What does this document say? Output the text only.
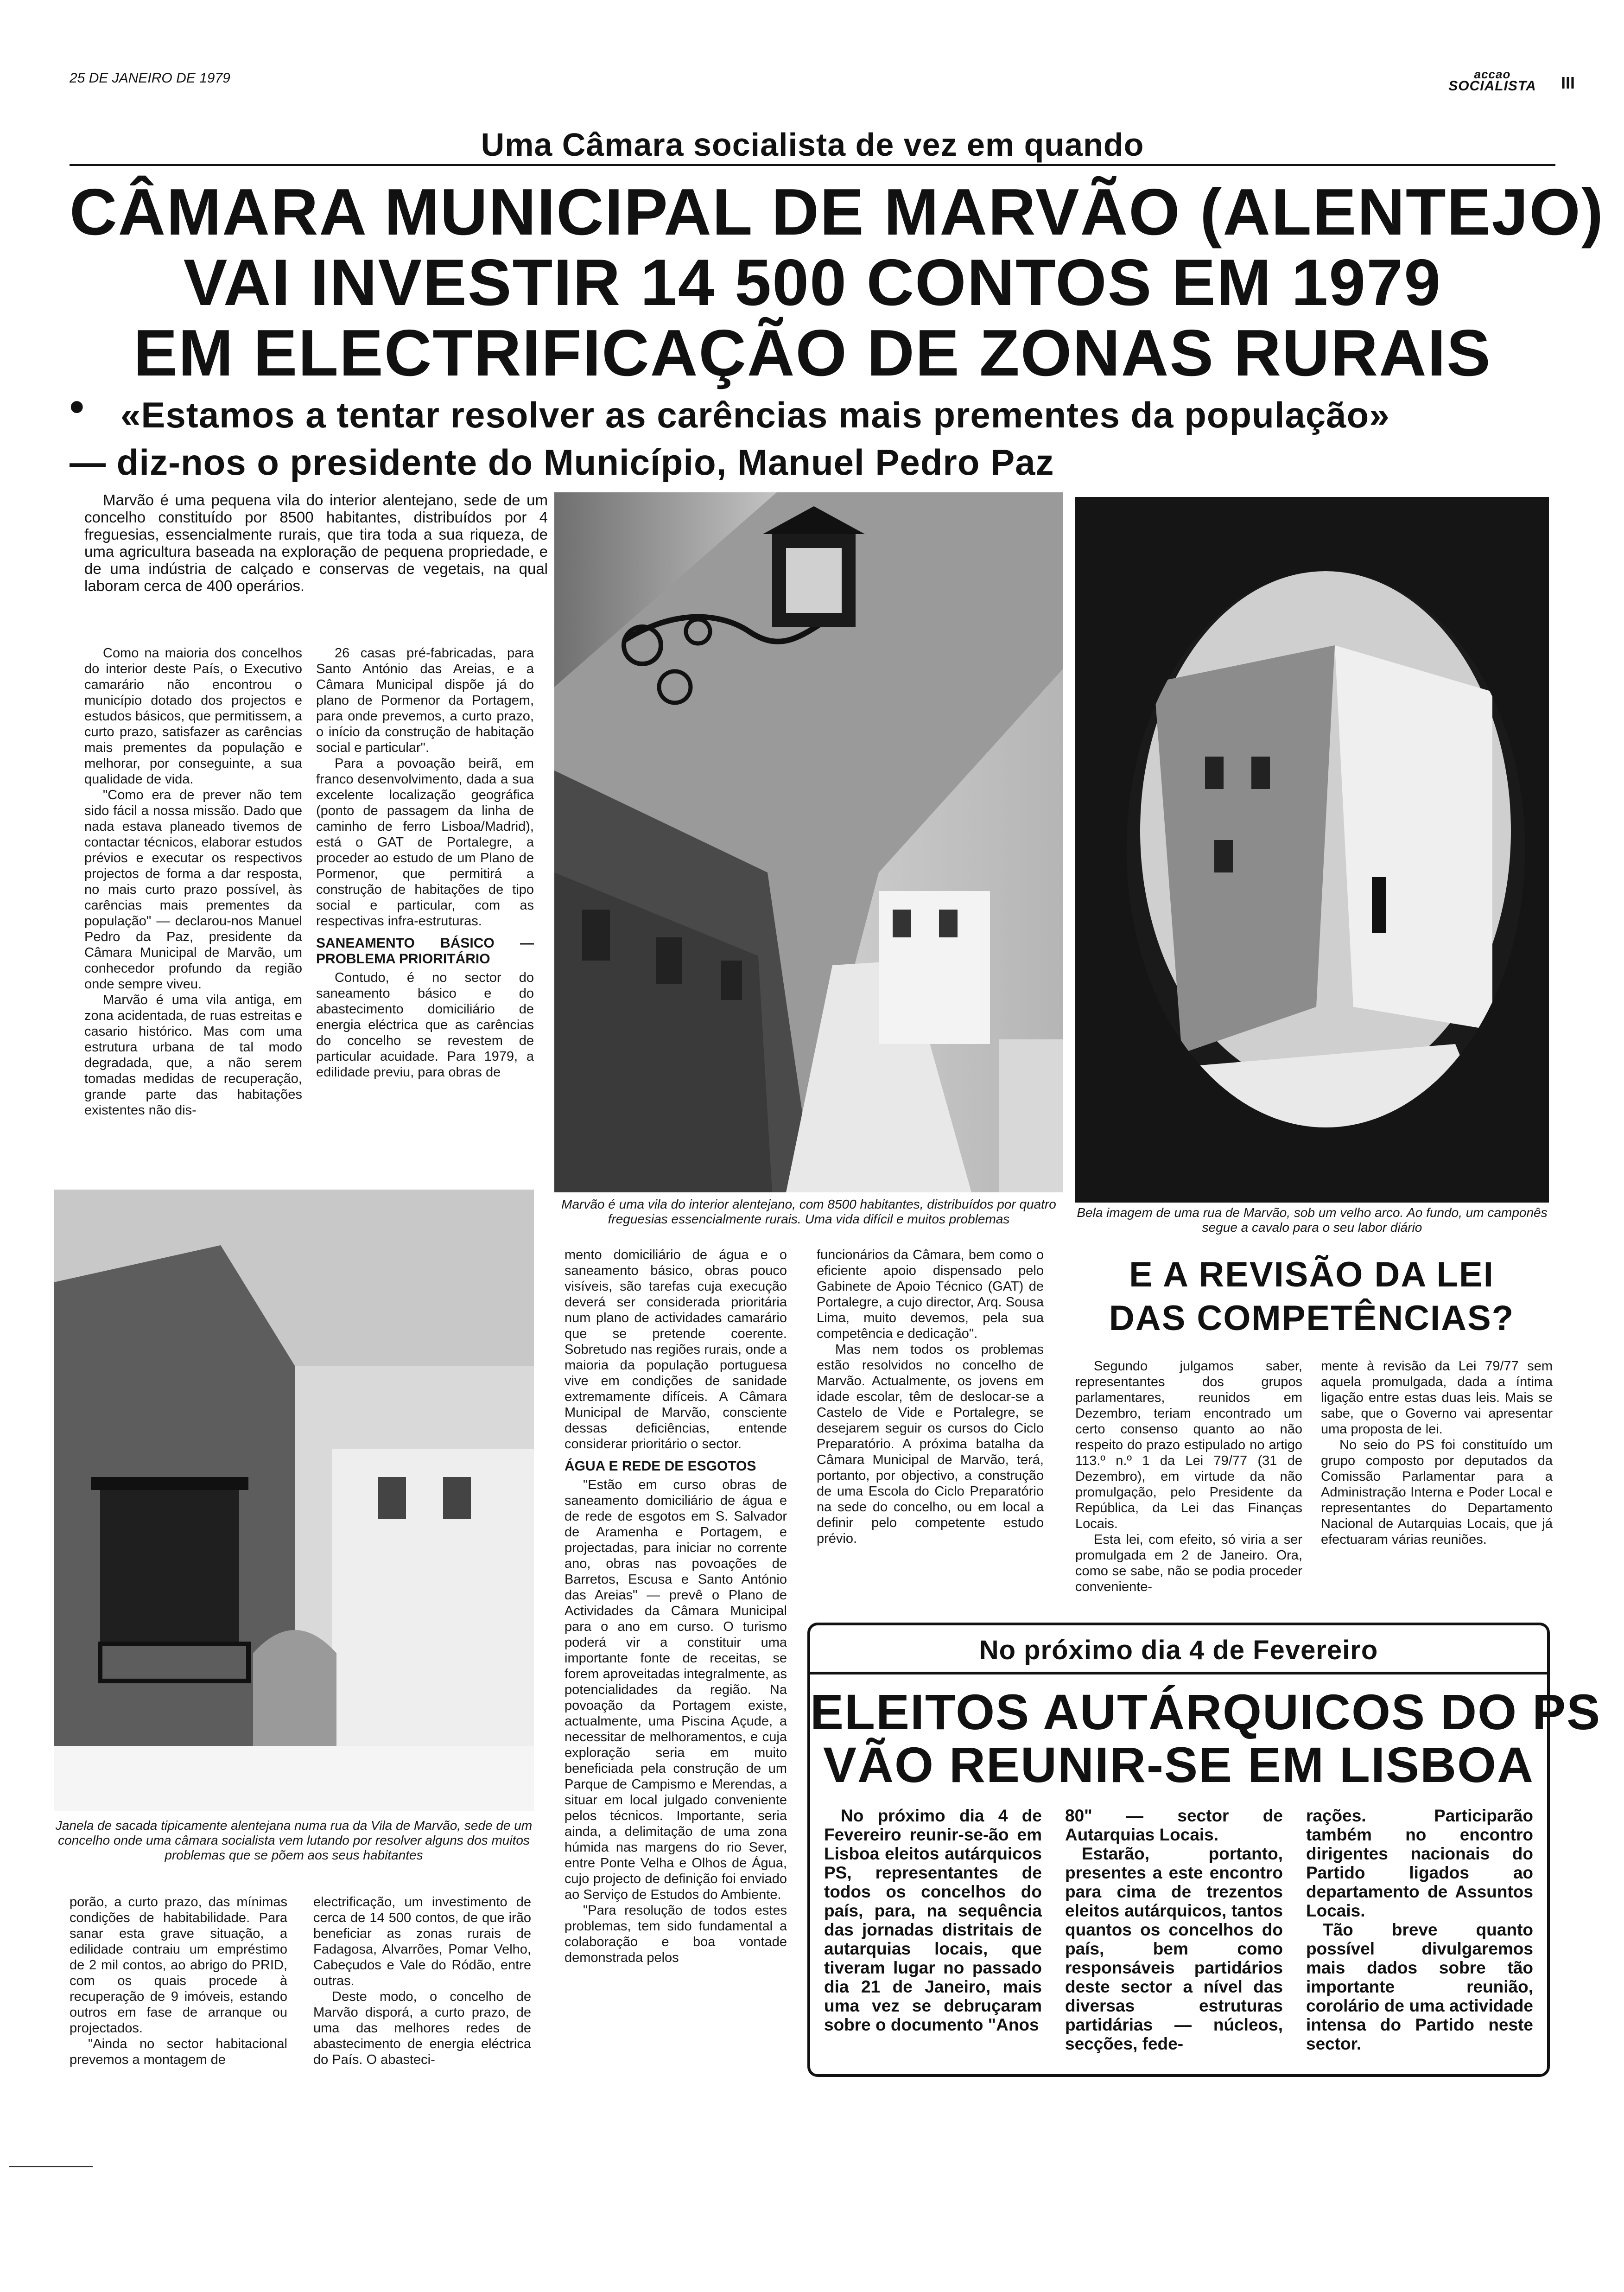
25 DE JANEIRO DE 1979	accao
SOCIALISTA	III
Uma Câmara socialista de vez em quando
CÂMARA MUNICIPAL DE MARVÃO (ALENTEJO)
VAI INVESTIR 14 500 CONTOS EM 1979
EM ELECTRIFICAÇÃO DE ZONAS RURAIS
• «Estamos a tentar resolver as carências mais prementes da população»
— diz-nos o presidente do Município, Manuel Pedro Paz
Marvão é uma pequena vila do interior alentejano, sede de um concelho constituído por 8500 habitantes, distribuídos por 4 freguesias, essencialmente rurais, que tira toda a sua riqueza, de uma agricultura baseada na exploração de pequena propriedade, e de uma indústria de calçado e conservas de vegetais, na qual laboram cerca de 400 operários.

Como na maioria dos concelhos do interior deste País, o Executivo camarário não encontrou o município dotado dos projectos e estudos básicos, que permitissem, a curto prazo, satisfazer as carências mais prementes da população e melhorar, por conseguinte, a sua qualidade de vida.

"Como era de prever não tem sido fácil a nossa missão. Dado que nada estava planeado tivemos de contactar técnicos, elaborar estudos prévios e executar os respectivos projectos de forma a dar resposta, no mais curto prazo possível, às carências mais prementes da população" — declarou-nos Manuel Pedro da Paz, presidente da Câmara Municipal de Marvão, um conhecedor profundo da região onde sempre viveu.

Marvão é uma vila antiga, em zona acidentada, de ruas estreitas e casario histórico. Mas com uma estrutura urbana de tal modo degradada, que, a não serem tomadas medidas de recuperação, grande parte das habitações existentes não dis-

26 casas pré-fabricadas, para Santo António das Areias, e a Câmara Municipal dispõe já do plano de Pormenor da Portagem, para onde prevemos, a curto prazo, o início da construção de habitação social e particular".

Para a povoação beirã, em franco desenvolvimento, dada a sua excelente localização geográfica (ponto de passagem da linha de caminho de ferro Lisboa/Madrid), está o GAT de Portalegre, a proceder ao estudo de um Plano de Pormenor, que permitirá a construção de habitações de tipo social e particular, com as respectivas infra-estruturas.

SANEAMENTO BÁSICO — PROBLEMA PRIORITÁRIO

Contudo, é no sector do saneamento básico e do abastecimento domiciliário de energia eléctrica que as carências do concelho se revestem de particular acuidade. Para 1979, a edilidade previu, para obras de

Marvão é uma vila do interior alentejano, com 8500 habitantes, distribuídos por quatro freguesias essencialmente rurais. Uma vida difícil e muitos problemas	Bela imagem de uma rua de Marvão, sob um velho arco. Ao fundo, um camponês segue a cavalo para o seu labor diário
Janela de sacada tipicamente alentejana numa rua da Vila de Marvão, sede de um concelho onde uma câmara socialista vem lutando por resolver alguns dos muitos problemas que se põem aos seus habitantes

porão, a curto prazo, das mínimas condições de habitabilidade. Para sanar esta grave situação, a edilidade contraiu um empréstimo de 2 mil contos, ao abrigo do PRID, com os quais procede à recuperação de 9 imóveis, estando outros em fase de arranque ou projectados.

"Ainda no sector habitacional prevemos a montagem de

electrificação, um investimento de cerca de 14 500 contos, de que irão beneficiar as zonas rurais de Fadagosa, Alvarrões, Pomar Velho, Cabeçudos e Vale do Ródão, entre outras.

Deste modo, o concelho de Marvão disporá, a curto prazo, de uma das melhores redes de abastecimento de energia eléctrica do País. O abasteci-

mento domiciliário de água e o saneamento básico, obras pouco visíveis, são tarefas cuja execução deverá ser considerada prioritária num plano de actividades camarário que se pretende coerente. Sobretudo nas regiões rurais, onde a maioria da população portuguesa vive em condições de sanidade extremamente difíceis. A Câmara Municipal de Marvão, consciente dessas deficiências, entende considerar prioritário o sector.

ÁGUA E REDE DE ESGOTOS

"Estão em curso obras de saneamento domiciliário de água e de rede de esgotos em S. Salvador de Aramenha e Portagem, e projectadas, para iniciar no corrente ano, obras nas povoações de Barretos, Escusa e Santo António das Areias" — prevê o Plano de Actividades da Câmara Municipal para o ano em curso. O turismo poderá vir a constituir uma importante fonte de receitas, se forem aproveitadas integralmente, as potencialidades da região. Na povoação da Portagem existe, actualmente, uma Piscina Açude, a necessitar de melhoramentos, e cuja exploração seria em muito beneficiada pela construção de um Parque de Campismo e Merendas, a situar em local julgado conveniente pelos técnicos. Importante, seria ainda, a delimitação de uma zona húmida nas margens do rio Sever, entre Ponte Velha e Olhos de Água, cujo projecto de definição foi enviado ao Serviço de Estudos do Ambiente.

"Para resolução de todos estes problemas, tem sido fundamental a colaboração e boa vontade demonstrada pelos

funcionários da Câmara, bem como o eficiente apoio dispensado pelo Gabinete de Apoio Técnico (GAT) de Portalegre, a cujo director, Arq. Sousa Lima, muito devemos, pela sua competência e dedicação".

Mas nem todos os problemas estão resolvidos no concelho de Marvão. Actualmente, os jovens em idade escolar, têm de deslocar-se a Castelo de Vide e Portalegre, se desejarem seguir os cursos do Ciclo Preparatório. A próxima batalha da Câmara Municipal de Marvão, terá, portanto, por objectivo, a construção de uma Escola do Ciclo Preparatório na sede do concelho, ou em local a definir pelo competente estudo prévio.

E A REVISÃO DA LEI
DAS COMPETÊNCIAS?

Segundo julgamos saber, representantes dos grupos parlamentares, reunidos em Dezembro, teriam encontrado um certo consenso quanto ao não respeito do prazo estipulado no artigo 113.º n.º 1 da Lei 79/77 (31 de Dezembro), em virtude da não promulgação, pelo Presidente da República, da Lei das Finanças Locais.

Esta lei, com efeito, só viria a ser promulgada em 2 de Janeiro. Ora, como se sabe, não se podia proceder conveniente-

mente à revisão da Lei 79/77 sem aquela promulgada, dada a íntima ligação entre estas duas leis. Mais se sabe, que o Governo vai apresentar uma proposta de lei.

No seio do PS foi constituído um grupo composto por deputados da Comissão Parlamentar para a Administração Interna e Poder Local e representantes do Departamento Nacional de Autarquias Locais, que já efectuaram várias reuniões.

No próximo dia 4 de Fevereiro
ELEITOS AUTÁRQUICOS DO PS
VÃO REUNIR-SE EM LISBOA
No próximo dia 4 de Fevereiro reunir-se-ão em Lisboa eleitos autárquicos PS, representantes de todos os concelhos do país, para, na sequência das jornadas distritais de autarquias locais, que tiveram lugar no passado dia 21 de Janeiro, mais uma vez se debruçaram sobre o documento "Anos
80" — sector de Autarquias Locais.
Estarão, portanto, presentes a este encontro para cima de trezentos eleitos autárquicos, tantos quantos os concelhos do país, bem como responsáveis partidários deste sector a nível das diversas estruturas partidárias — núcleos, secções, fede-
rações. Participarão também no encontro dirigentes nacionais do Partido ligados ao departamento de Assuntos Locais.
Tão breve quanto possível divulgaremos mais dados sobre tão importante reunião, corolário de uma actividade intensa do Partido neste sector.
